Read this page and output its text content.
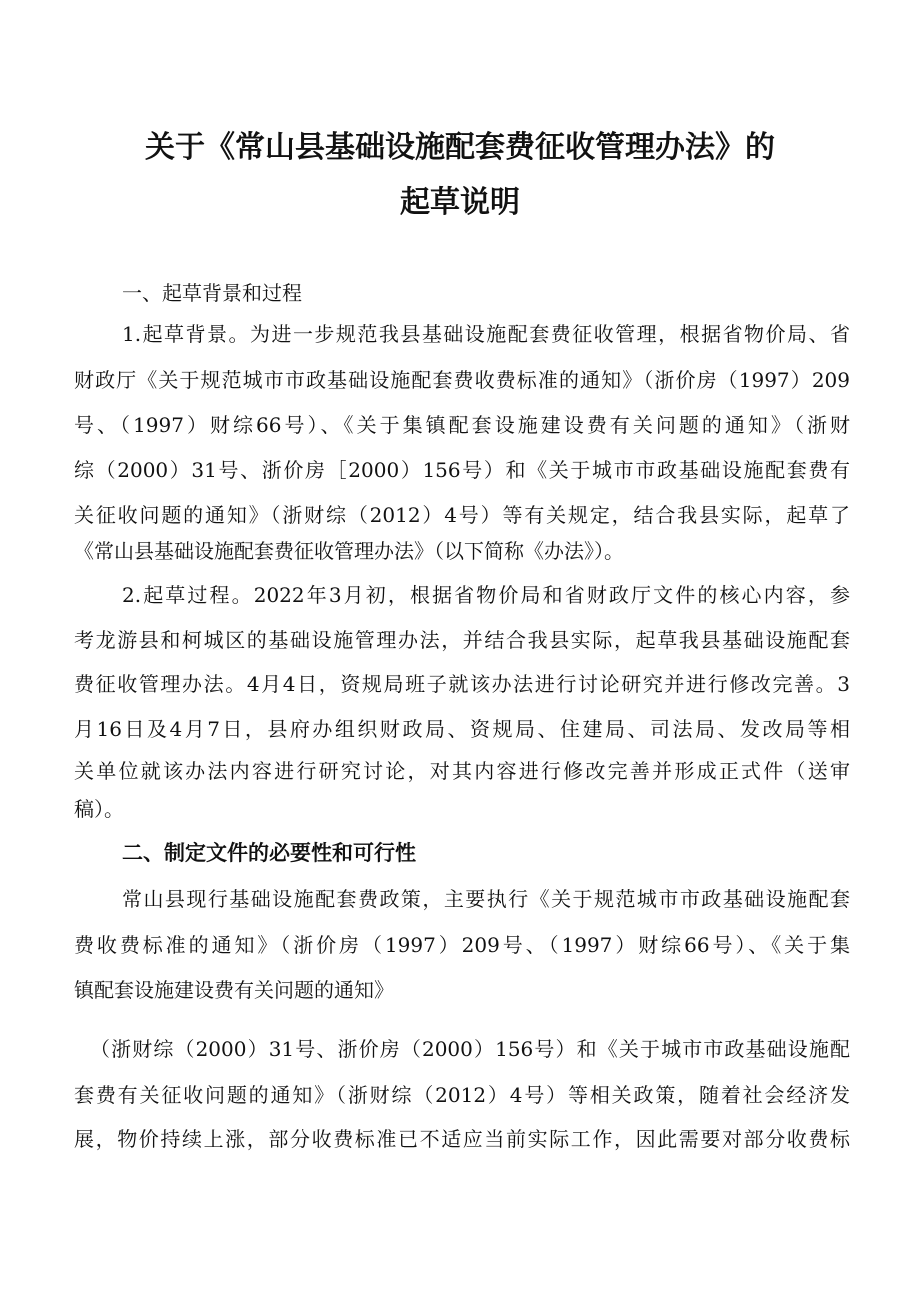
关于《常山县基础设施配套费征收管理办法》的
起草说明
一、起草背景和过程
1.起草背景。为进一步规范我县基础设施配套费征收管理，根据省物价局、省
财政厅《关于规范城市市政基础设施配套费收费标准的通知》（浙价房（1997）209
号、（1997）财综66号）、《关于集镇配套设施建设费有关问题的通知》（浙财
综（2000）31号、浙价房［2000）156号）和《关于城市市政基础设施配套费有
关征收问题的通知》（浙财综（2012）4号）等有关规定，结合我县实际，起草了
《常山县基础设施配套费征收管理办法》（以下简称《办法》）。
2.起草过程。2022年3月初，根据省物价局和省财政厅文件的核心内容，参
考龙游县和柯城区的基础设施管理办法，并结合我县实际，起草我县基础设施配套
费征收管理办法。4月4日，资规局班子就该办法进行讨论研究并进行修改完善。3
月16日及4月7日，县府办组织财政局、资规局、住建局、司法局、发改局等相
关单位就该办法内容进行研究讨论，对其内容进行修改完善并形成正式件（送审
稿）。
二、制定文件的必要性和可行性
常山县现行基础设施配套费政策，主要执行《关于规范城市市政基础设施配套
费收费标准的通知》（浙价房（1997）209号、（1997）财综66号）、《关于集
镇配套设施建设费有关问题的通知》
（浙财综（2000）31号、浙价房（2000）156号）和《关于城市市政基础设施配
套费有关征收问题的通知》（浙财综（2012）4号）等相关政策，随着社会经济发
展，物价持续上涨，部分收费标准已不适应当前实际工作，因此需要对部分收费标
